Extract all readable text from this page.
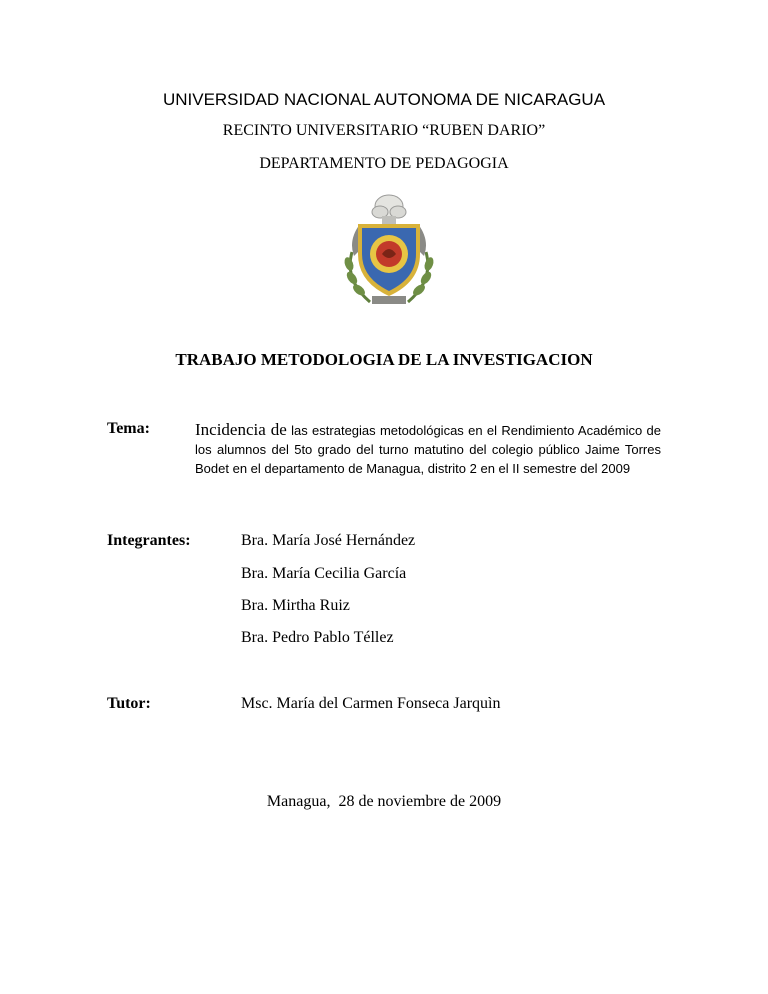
UNIVERSIDAD NACIONAL AUTONOMA DE NICARAGUA

RECINTO UNIVERSITARIO “RUBEN DARIO”

DEPARTAMENTO DE PEDAGOGIA

TRABAJO METODOLOGIA DE LA INVESTIGACION

Tema:	Incidencia de las estrategias metodológicas en el Rendimiento Académico de los alumnos del 5to grado del turno matutino del colegio público Jaime Torres Bodet en el departamento de Managua, distrito 2 en el II semestre del 2009

Integrantes:	Bra. María José Hernández

Bra. María Cecilia García

Bra. Mirtha Ruiz

Bra. Pedro Pablo Téllez

Tutor:	Msc. María del Carmen Fonseca Jarquìn

Managua,  28 de noviembre de 2009
